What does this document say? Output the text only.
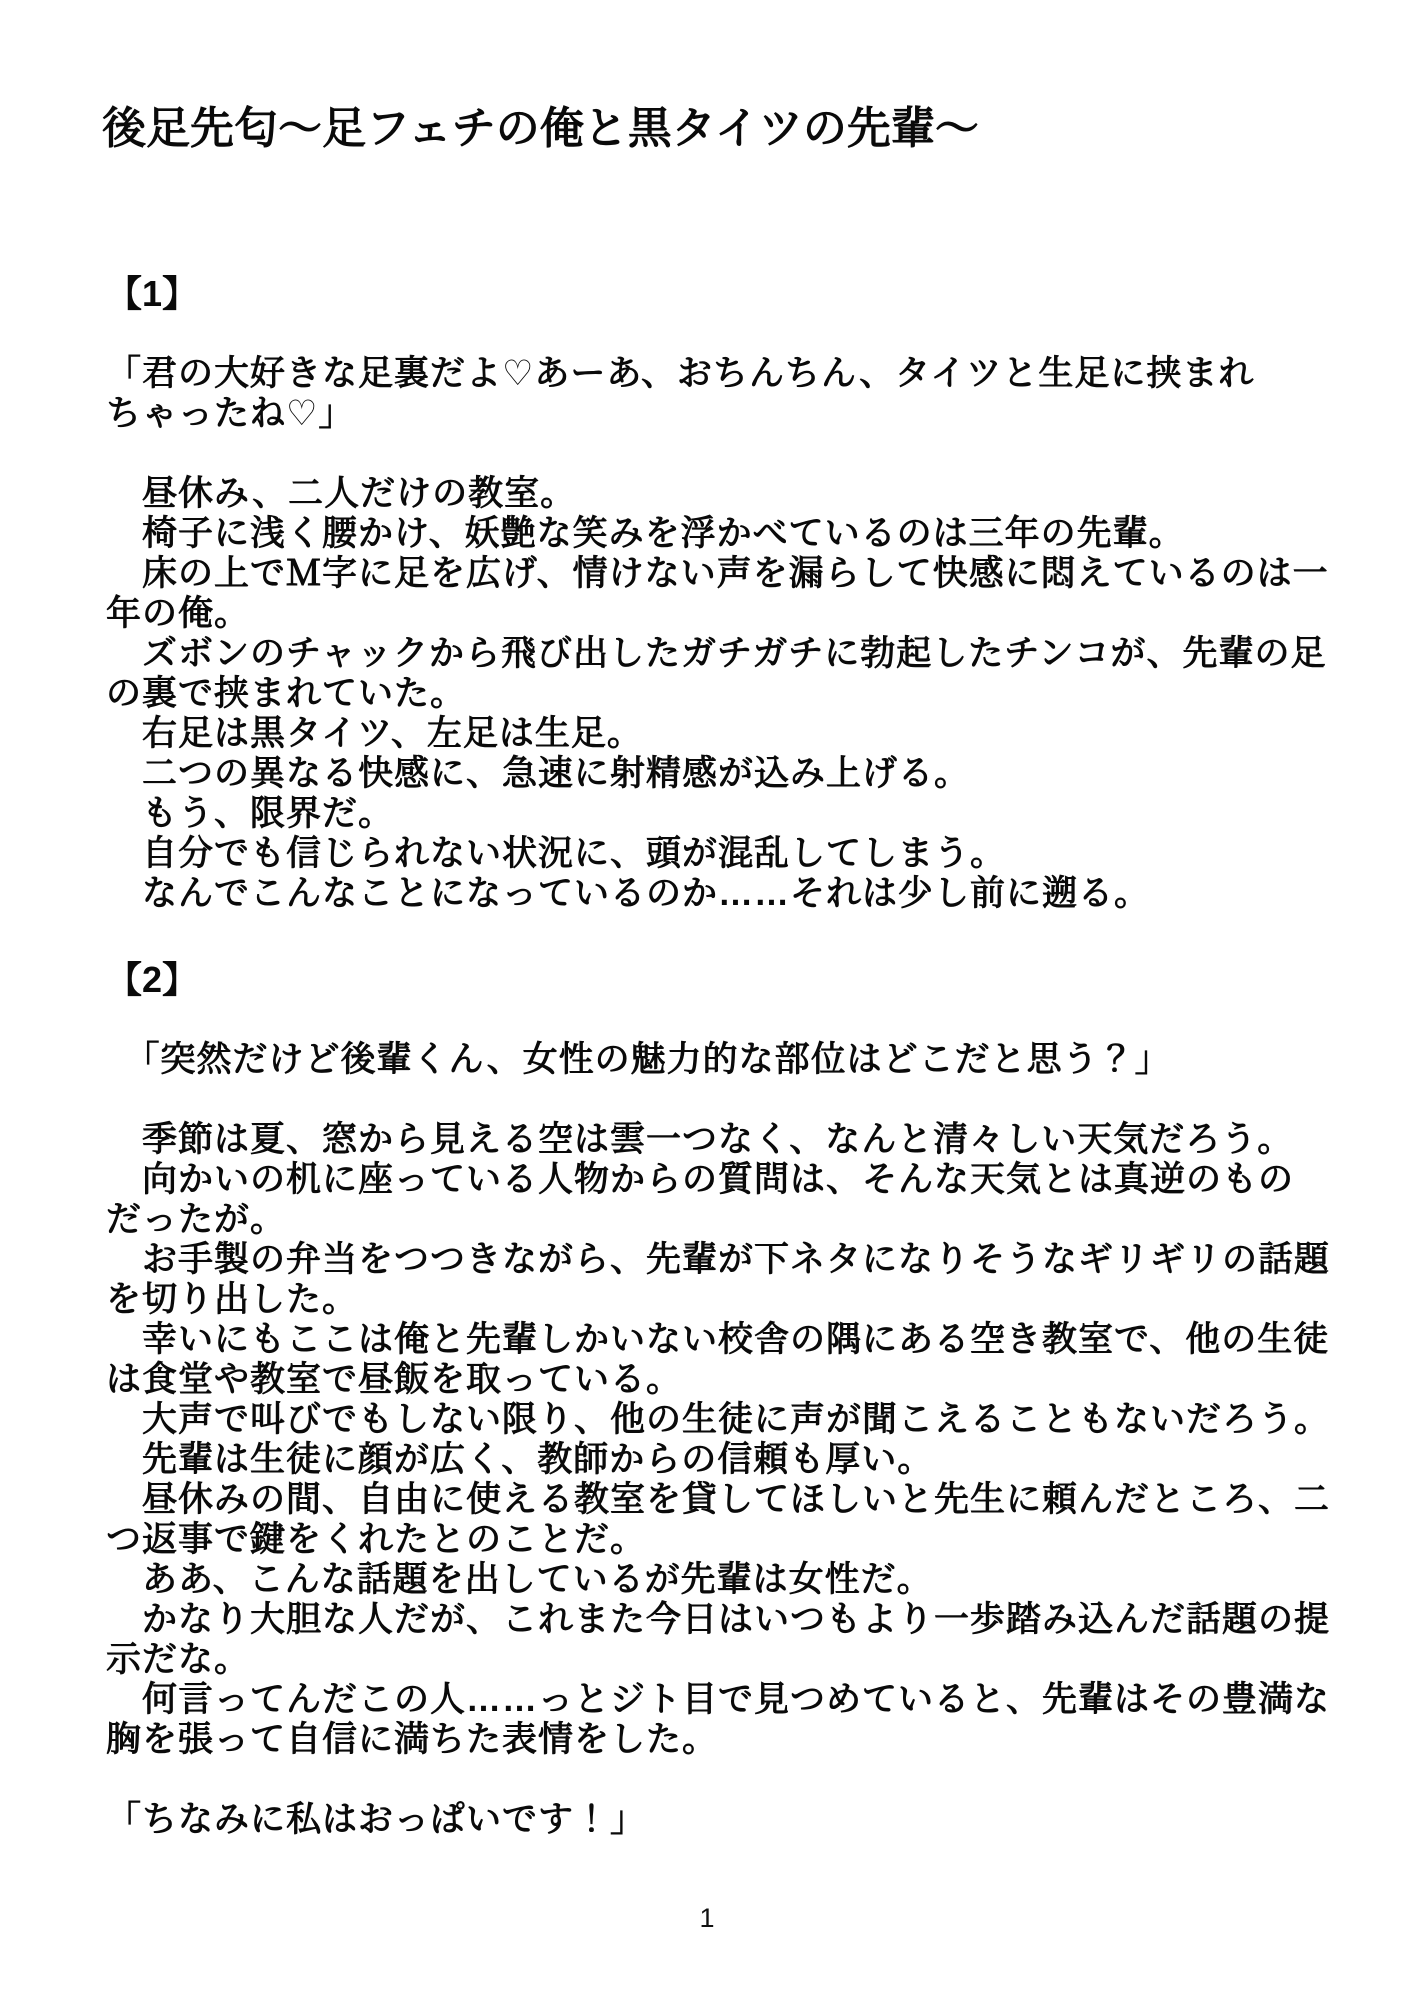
後足先匂～足フェチの俺と黒タイツの先輩～
【1】

「君の大好きな足裏だよ♡あーあ、おちんちん、タイツと生足に挟まれ
ちゃったね♡」

　昼休み、二人だけの教室。
　椅子に浅く腰かけ、妖艶な笑みを浮かべているのは三年の先輩。
　床の上でＭ字に足を広げ、情けない声を漏らして快感に悶えているのは一
年の俺。
　ズボンのチャックから飛び出したガチガチに勃起したチンコが、先輩の足
の裏で挟まれていた。
　右足は黒タイツ、左足は生足。
　二つの異なる快感に、急速に射精感が込み上げる。
　もう、限界だ。
　自分でも信じられない状況に、頭が混乱してしまう。
　なんでこんなことになっているのか……それは少し前に遡る。
【2】

　「突然だけど後輩くん、女性の魅力的な部位はどこだと思う？」

　季節は夏、窓から見える空は雲一つなく、なんと清々しい天気だろう。
　向かいの机に座っている人物からの質問は、そんな天気とは真逆のもの
だったが。
　お手製の弁当をつつきながら、先輩が下ネタになりそうなギリギリの話題
を切り出した。
　幸いにもここは俺と先輩しかいない校舎の隅にある空き教室で、他の生徒
は食堂や教室で昼飯を取っている。
　大声で叫びでもしない限り、他の生徒に声が聞こえることもないだろう。
　先輩は生徒に顔が広く、教師からの信頼も厚い。
　昼休みの間、自由に使える教室を貸してほしいと先生に頼んだところ、二
つ返事で鍵をくれたとのことだ。
　ああ、こんな話題を出しているが先輩は女性だ。
　かなり大胆な人だが、これまた今日はいつもより一歩踏み込んだ話題の提
示だな。
　何言ってんだこの人……っとジト目で見つめていると、先輩はその豊満な
胸を張って自信に満ちた表情をした。

「ちなみに私はおっぱいです！」
1
